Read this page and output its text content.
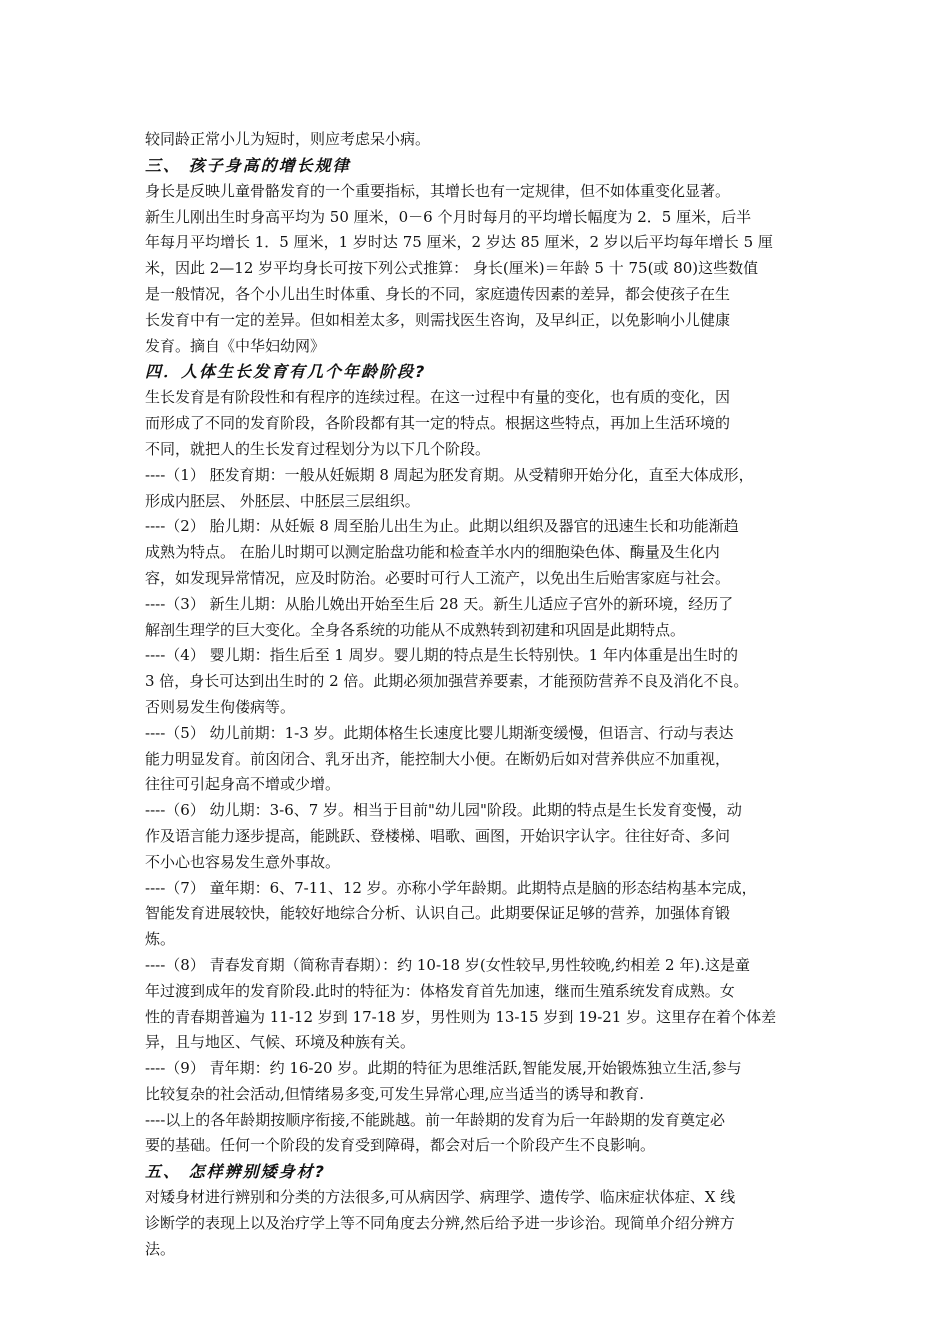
较同龄正常小儿为短时，则应考虑呆小病。
三、 孩子身高的增长规律
身长是反映儿童骨骼发育的一个重要指标，其增长也有一定规律，但不如体重变化显著。
新生儿刚出生时身高平均为 50 厘米，0－6 个月时每月的平均增长幅度为 2．5 厘米，后半
年每月平均增长 1．5 厘米，1 岁时达 75 厘米，2 岁达 85 厘米，2 岁以后平均每年增长 5 厘
米，因此 2—12 岁平均身长可按下列公式推算： 身长(厘米)＝年龄 5 十 75(或 80)这些数值
是一般情况，各个小儿出生时体重、身长的不同，家庭遗传因素的差异，都会使孩子在生
长发育中有一定的差异。但如相差太多，则需找医生咨询，及早纠正，以免影响小儿健康
发育。摘自《中华妇幼网》
四．人体生长发育有几个年龄阶段?
生长发育是有阶段性和有程序的连续过程。在这一过程中有量的变化，也有质的变化，因
而形成了不同的发育阶段，各阶段都有其一定的特点。根据这些特点，再加上生活环境的
不同，就把人的生长发育过程划分为以下几个阶段。
----（1） 胚发育期：一般从妊娠期 8 周起为胚发育期。从受精卵开始分化，直至大体成形，
形成内胚层、 外胚层、中胚层三层组织。
----（2） 胎儿期：从妊娠 8 周至胎儿出生为止。此期以组织及器官的迅速生长和功能渐趋
成熟为特点。 在胎儿时期可以测定胎盘功能和检查羊水内的细胞染色体、酶量及生化内
容，如发现异常情况，应及时防治。必要时可行人工流产，以免出生后贻害家庭与社会。
----（3） 新生儿期：从胎儿娩出开始至生后 28 天。新生儿适应子宫外的新环境，经历了
解剖生理学的巨大变化。全身各系统的功能从不成熟转到初建和巩固是此期特点。
----（4） 婴儿期：指生后至 1 周岁。婴儿期的特点是生长特别快。1 年内体重是出生时的
3 倍，身长可达到出生时的 2 倍。此期必须加强营养要素，才能预防营养不良及消化不良。
否则易发生佝偻病等。
----（5） 幼儿前期：1-3 岁。此期体格生长速度比婴儿期渐变缓慢，但语言、行动与表达
能力明显发育。前囟闭合、乳牙出齐，能控制大小便。在断奶后如对营养供应不加重视，
往往可引起身高不增或少增。
----（6） 幼儿期：3-6、7 岁。相当于目前"幼儿园"阶段。此期的特点是生长发育变慢，动
作及语言能力逐步提高，能跳跃、登楼梯、唱歌、画图，开始识字认字。往往好奇、多问
不小心也容易发生意外事故。
----（7） 童年期：6、7-11、12 岁。亦称小学年龄期。此期特点是脑的形态结构基本完成，
智能发育进展较快，能较好地综合分析、认识自己。此期要保证足够的营养，加强体育锻
炼。
----（8） 青春发育期（简称青春期）：约 10-18 岁(女性较早,男性较晚,约相差 2 年).这是童
年过渡到成年的发育阶段.此时的特征为：体格发育首先加速，继而生殖系统发育成熟。女
性的青春期普遍为 11-12 岁到 17-18 岁，男性则为 13-15 岁到 19-21 岁。这里存在着个体差
异，且与地区、气候、环境及种族有关。
----（9） 青年期：约 16-20 岁。此期的特征为思维活跃,智能发展,开始锻炼独立生活,参与
比较复杂的社会活动,但情绪易多变,可发生异常心理,应当适当的诱导和教育.
----以上的各年龄期按顺序衔接,不能跳越。前一年龄期的发育为后一年龄期的发育奠定必
要的基础。任何一个阶段的发育受到障碍，都会对后一个阶段产生不良影响。
五、 怎样辨别矮身材?
对矮身材进行辨别和分类的方法很多,可从病因学、病理学、遗传学、临床症状体症、X 线
诊断学的表现上以及治疗学上等不同角度去分辨,然后给予进一步诊治。现简单介绍分辨方
法。
